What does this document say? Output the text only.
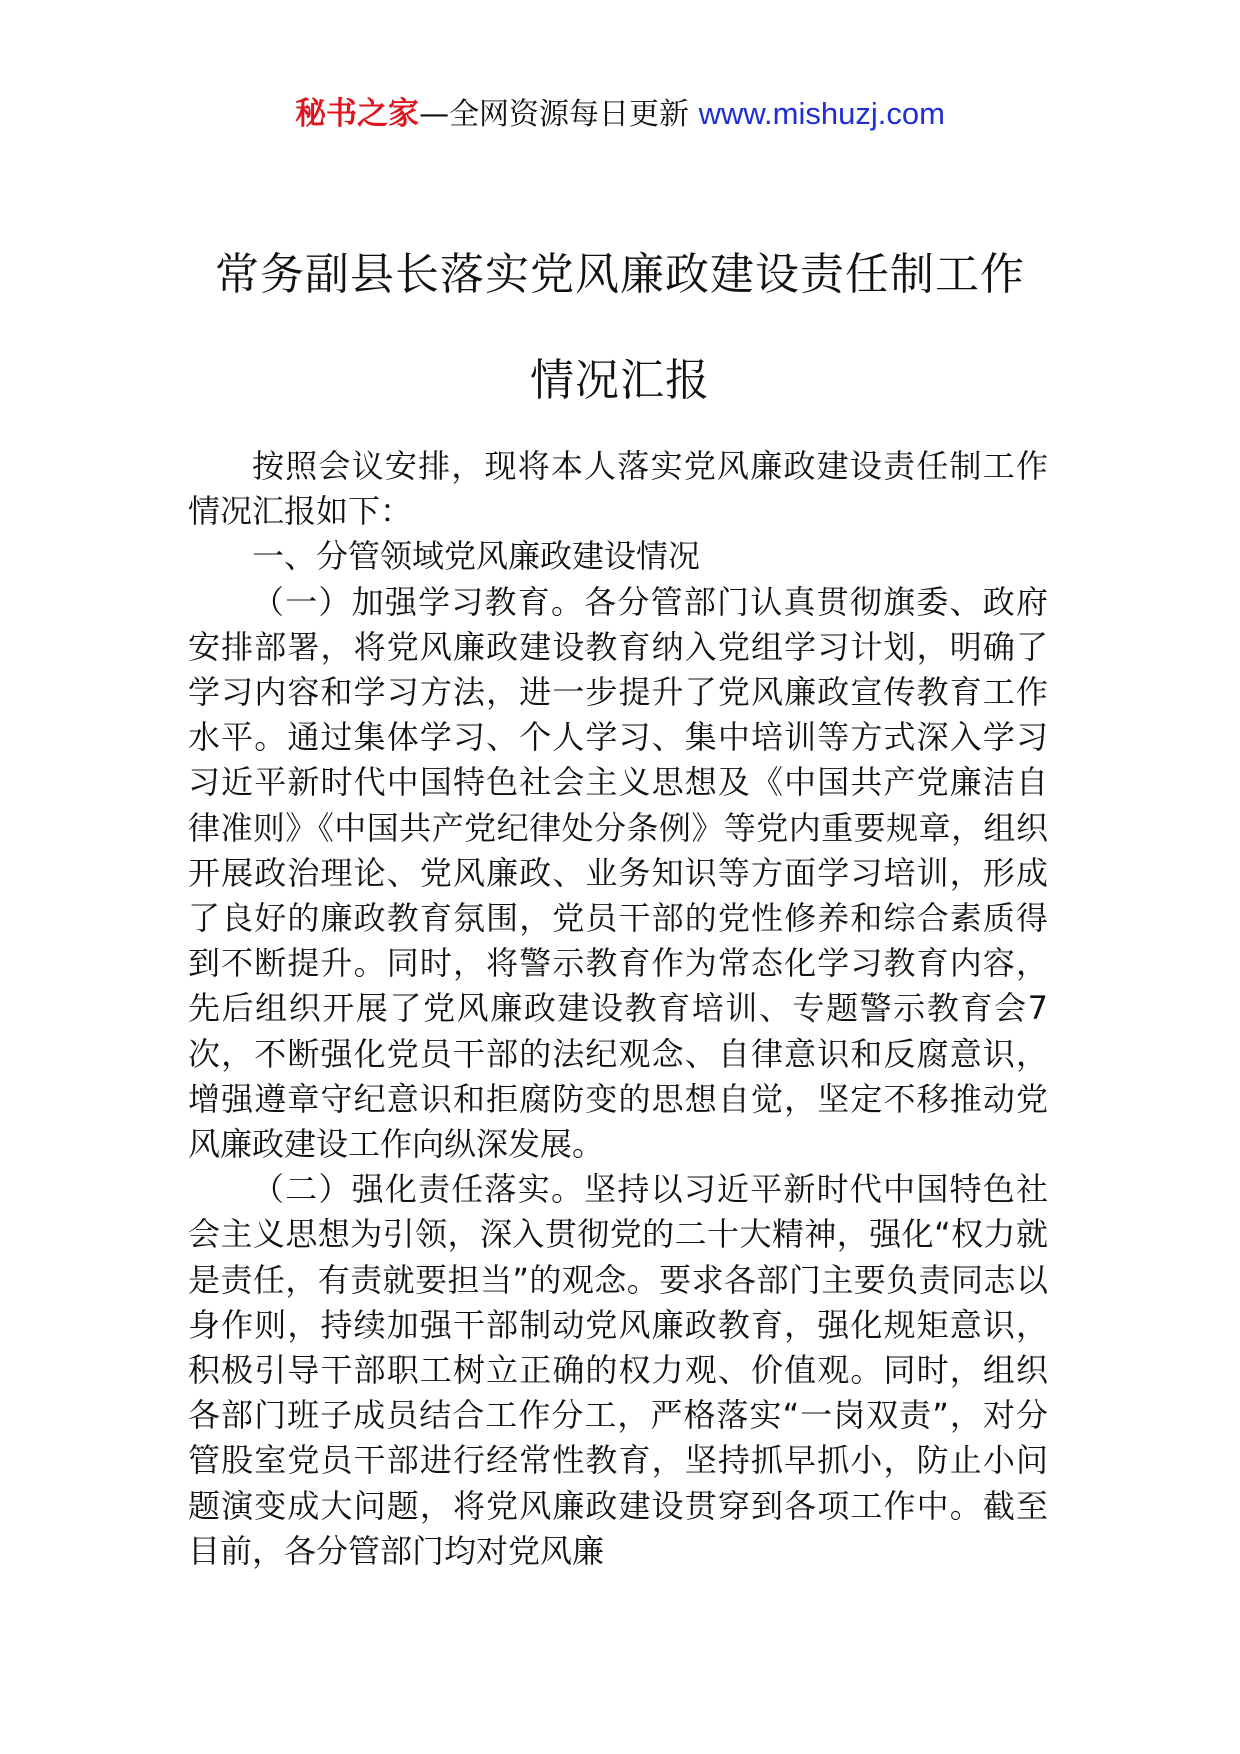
秘书之家—全网资源每日更新 www.mishuzj.com
常务副县长落实党风廉政建设责任制工作
情况汇报

按照会议安排，现将本人落实党风廉政建设责任制工作情况汇报如下：

一、分管领域党风廉政建设情况

（一）加强学习教育。各分管部门认真贯彻旗委、政府安排部署，将党风廉政建设教育纳入党组学习计划，明确了学习内容和学习方法，进一步提升了党风廉政宣传教育工作水平。通过集体学习、个人学习、集中培训等方式深入学习习近平新时代中国特色社会主义思想及《中国共产党廉洁自律准则》《中国共产党纪律处分条例》等党内重要规章，组织开展政治理论、党风廉政、业务知识等方面学习培训，形成了良好的廉政教育氛围，党员干部的党性修养和综合素质得到不断提升。同时，将警示教育作为常态化学习教育内容，先后组织开展了党风廉政建设教育培训、专题警示教育会7次，不断强化党员干部的法纪观念、自律意识和反腐意识，增强遵章守纪意识和拒腐防变的思想自觉，坚定不移推动党风廉政建设工作向纵深发展。

（二）强化责任落实。坚持以习近平新时代中国特色社会主义思想为引领，深入贯彻党的二十大精神，强化“权力就是责任，有责就要担当”的观念。要求各部门主要负责同志以身作则，持续加强干部制动党风廉政教育，强化规矩意识，积极引导干部职工树立正确的权力观、价值观。同时，组织各部门班子成员结合工作分工，严格落实“一岗双责”，对分管股室党员干部进行经常性教育，坚持抓早抓小，防止小问题演变成大问题，将党风廉政建设贯穿到各项工作中。截至目前，各分管部门均对党风廉
